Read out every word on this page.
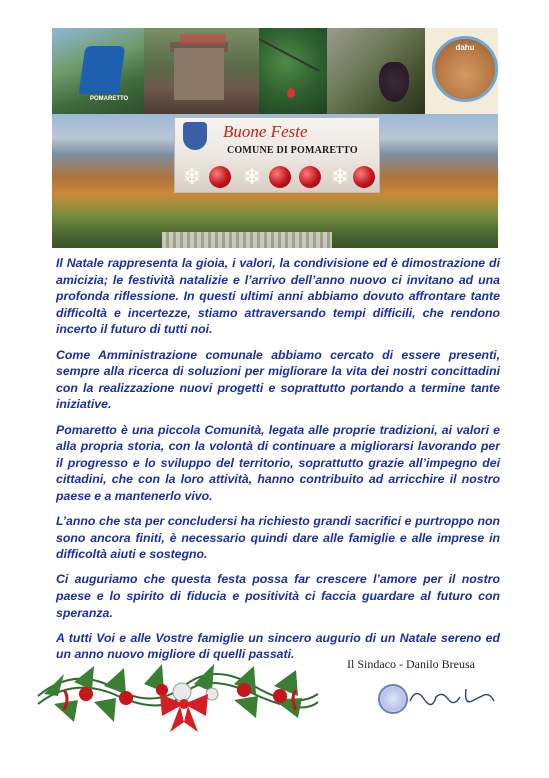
POMARETTO
dahu
Buone Feste
COMUNE DI POMARETTO
❄ ❄	❄

Il Natale rappresenta la gioia, i valori, la condivisione ed è dimostrazione di amicizia; le festività natalizie e l’arrivo dell’anno nuovo ci invitano ad una profonda riflessione. In questi ultimi anni abbiamo dovuto affrontare tante difficoltà e incertezze, stiamo attraversando tempi difficili, che rendono incerto il futuro di tutti noi.

Come Amministrazione comunale abbiamo cercato di essere presenti, sempre alla ricerca di soluzioni per migliorare la vita dei nostri concittadini con la realizzazione nuovi progetti e soprattutto portando a termine tante iniziative.

Pomaretto è una piccola Comunità, legata alle proprie tradizioni, ai valori e alla propria storia, con la volontà di continuare a migliorarsi lavorando per il progresso e lo sviluppo del territorio, soprattutto grazie all’impegno dei cittadini, che con la loro attività, hanno contribuito ad arricchire il nostro paese e a mantenerlo vivo.

L’anno che sta per concludersi ha richiesto grandi sacrifici e purtroppo non sono ancora finiti, è necessario quindi dare alle famiglie e alle imprese in difficoltà aiuti e sostegno.

Ci auguriamo che questa festa possa far crescere l’amore per il nostro paese e lo spirito di fiducia e positività ci faccia guardare al futuro con speranza.

A tutti Voi e alle Vostre famiglie un sincero augurio di un Natale sereno ed un anno nuovo migliore di quelli passati.

Il Sindaco - Danilo Breusa
